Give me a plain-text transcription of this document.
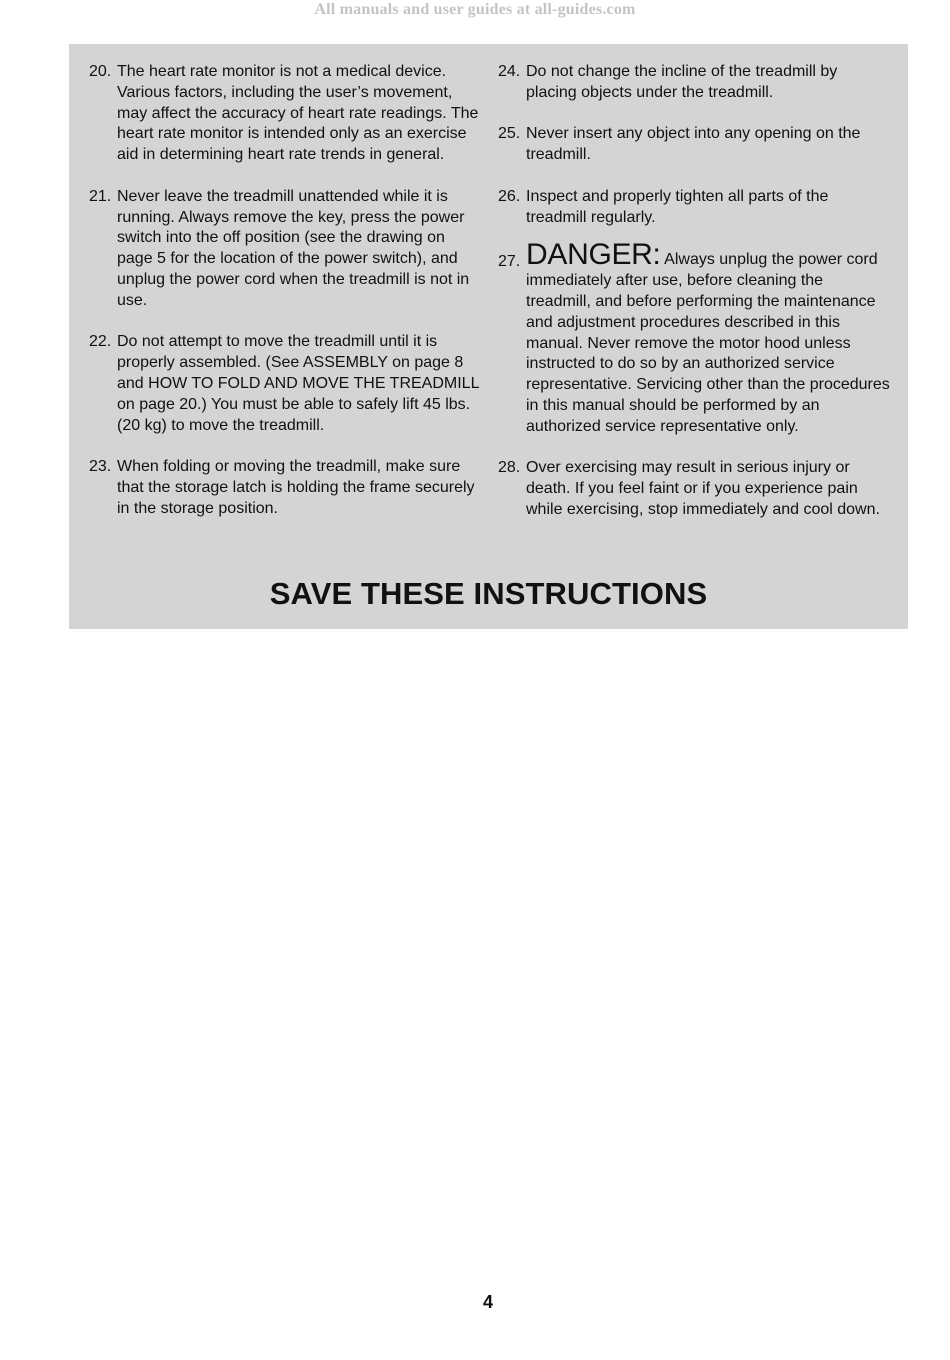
All manuals and user guides at all-guides.com
20. The heart rate monitor is not a medical device. Various factors, including the user’s movement, may affect the accuracy of heart rate readings. The heart rate monitor is intended only as an exercise aid in determining heart rate trends in general.
21. Never leave the treadmill unattended while it is running. Always remove the key, press the power switch into the off position (see the drawing on page 5 for the location of the power switch), and unplug the power cord when the treadmill is not in use.
22. Do not attempt to move the treadmill until it is properly assembled. (See ASSEMBLY on page 8 and HOW TO FOLD AND MOVE THE TREADMILL on page 20.) You must be able to safely lift 45 lbs. (20 kg) to move the treadmill.
23. When folding or moving the treadmill, make sure that the storage latch is holding the frame securely in the storage position.
24. Do not change the incline of the treadmill by placing objects under the treadmill.
25. Never insert any object into any opening on the treadmill.
26. Inspect and properly tighten all parts of the treadmill regularly.
27. DANGER: Always unplug the power cord immediately after use, before cleaning the treadmill, and before performing the maintenance and adjustment procedures described in this manual. Never remove the motor hood unless instructed to do so by an authorized service representative. Servicing other than the procedures in this manual should be performed by an authorized service representative only.
28. Over exercising may result in serious injury or death. If you feel faint or if you experience pain while exercising, stop immediately and cool down.
SAVE THESE INSTRUCTIONS
4
